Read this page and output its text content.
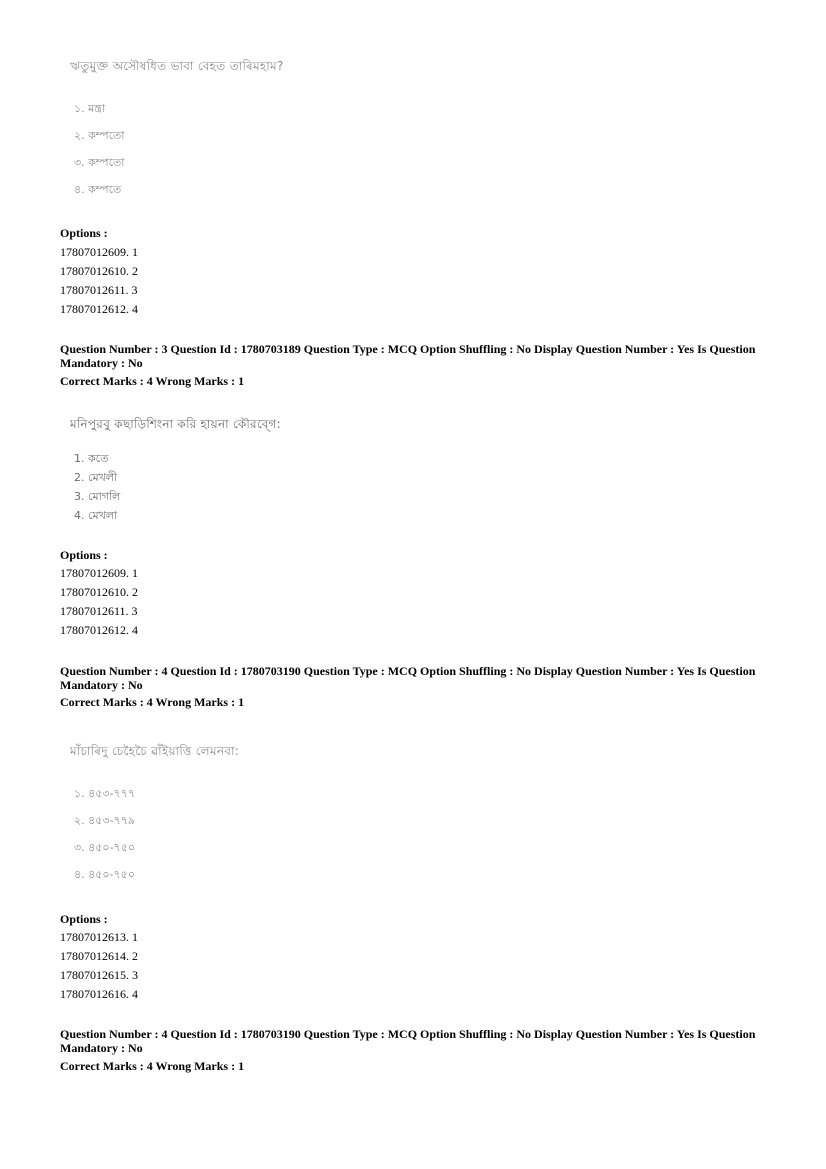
ঋতুমুক্ত অসৌষধিত ভাবা বেহত তাৰিমহাম?
১. মন্ত্ৰা
২. কম্পতো
৩. কম্পতো
৪. কম্পতে
Options :
17807012609. 1
17807012610. 2
17807012611. 3
17807012612. 4
Question Number : 3 Question Id : 1780703189 Question Type : MCQ Option Shuffling : No Display Question Number : Yes Is Question Mandatory : No
Correct Marks : 4 Wrong Marks : 1
মনিপুরবু কছাড়িশিংনা করি হায়না কৌরব্গে:
1. কতে
2. মেখলী
3. মোগলি
4. মেখলা
Options :
17807012609. 1
17807012610. 2
17807012611. 3
17807012612. 4
Question Number : 4 Question Id : 1780703190 Question Type : MCQ Option Shuffling : No Display Question Number : Yes Is Question Mandatory : No
Correct Marks : 4 Wrong Marks : 1
মাঁচাৰিদু চেহৈচৈ ৱাঁইয়াত্তি লেমনবা:
১. ৪৫৩-৭৭৭
২. ৪৫৩-৭৭৯
৩. ৪৫০-৭৫০
৪. ৪৫০-৭৫০
Options :
17807012613. 1
17807012614. 2
17807012615. 3
17807012616. 4
Question Number : 4 Question Id : 1780703190 Question Type : MCQ Option Shuffling : No Display Question Number : Yes Is Question Mandatory : No
Correct Marks : 4 Wrong Marks : 1
